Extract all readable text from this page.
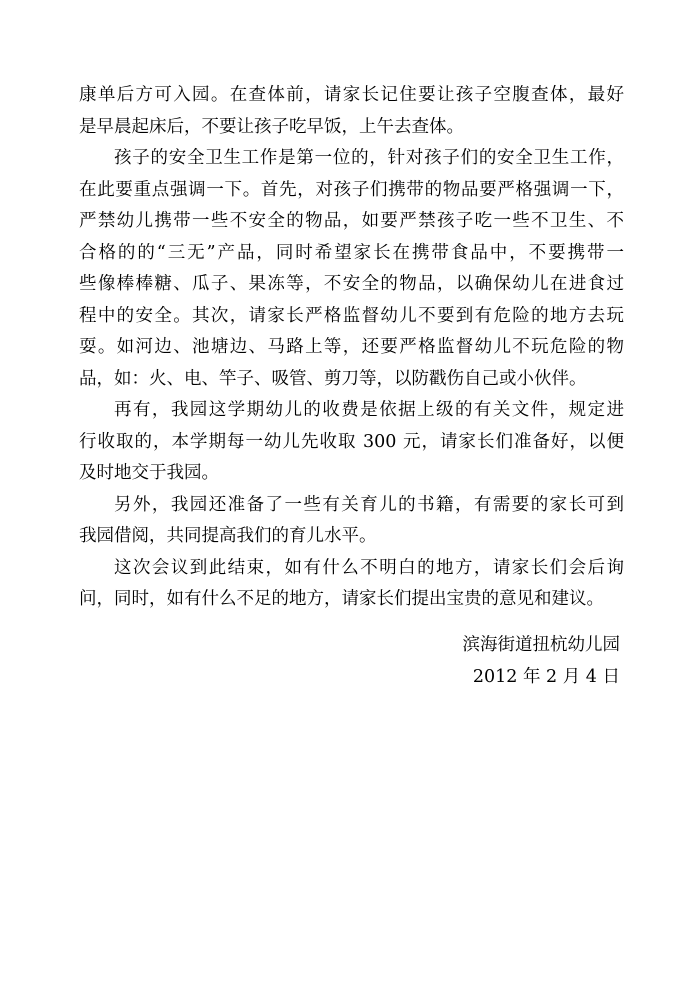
康单后方可入园。在查体前，请家长记住要让孩子空腹查体，最好
是早晨起床后，不要让孩子吃早饭，上午去查体。
孩子的安全卫生工作是第一位的，针对孩子们的安全卫生工作，
在此要重点强调一下。首先，对孩子们携带的物品要严格强调一下，
严禁幼儿携带一些不安全的物品，如要严禁孩子吃一些不卫生、不
合格的的“三无”产品，同时希望家长在携带食品中，不要携带一
些像棒棒糖、瓜子、果冻等，不安全的物品，以确保幼儿在进食过
程中的安全。其次，请家长严格监督幼儿不要到有危险的地方去玩
耍。如河边、池塘边、马路上等，还要严格监督幼儿不玩危险的物
品，如：火、电、竿子、吸管、剪刀等，以防戳伤自己或小伙伴。
再有，我园这学期幼儿的收费是依据上级的有关文件，规定进
行收取的，本学期每一幼儿先收取 300 元，请家长们准备好，以便
及时地交于我园。
另外，我园还准备了一些有关育儿的书籍，有需要的家长可到
我园借阅，共同提高我们的育儿水平。
这次会议到此结束，如有什么不明白的地方，请家长们会后询
问，同时，如有什么不足的地方，请家长们提出宝贵的意见和建议。
滨海街道扭杭幼儿园
2012 年 2 月 4 日
